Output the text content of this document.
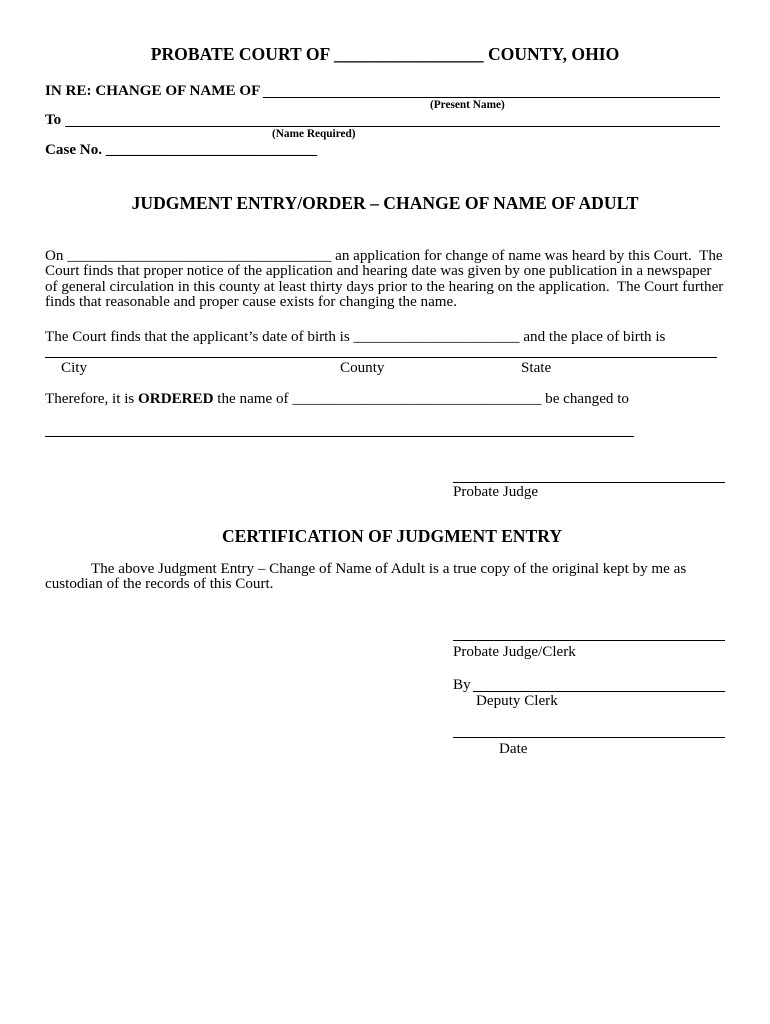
PROBATE COURT OF _________________ COUNTY, OHIO
IN RE: CHANGE OF NAME OF
(Present Name)
To
(Name Required)
Case No. ____________________________
JUDGMENT ENTRY/ORDER – CHANGE OF NAME OF ADULT
On ___________________________________ an application for change of name was heard by this Court.  The
Court finds that proper notice of the application and hearing date was given by one publication in a newspaper
of general circulation in this county at least thirty days prior to the hearing on the application.  The Court further
finds that reasonable and proper cause exists for changing the name.
The Court finds that the applicant’s date of birth is ______________________ and the place of birth is
City	County	State
Therefore, it is ORDERED the name of _________________________________ be changed to
Probate Judge
CERTIFICATION OF JUDGMENT ENTRY
The above Judgment Entry – Change of Name of Adult is a true copy of the original kept by me as
custodian of the records of this Court.
Probate Judge/Clerk
By
Deputy Clerk
Date
